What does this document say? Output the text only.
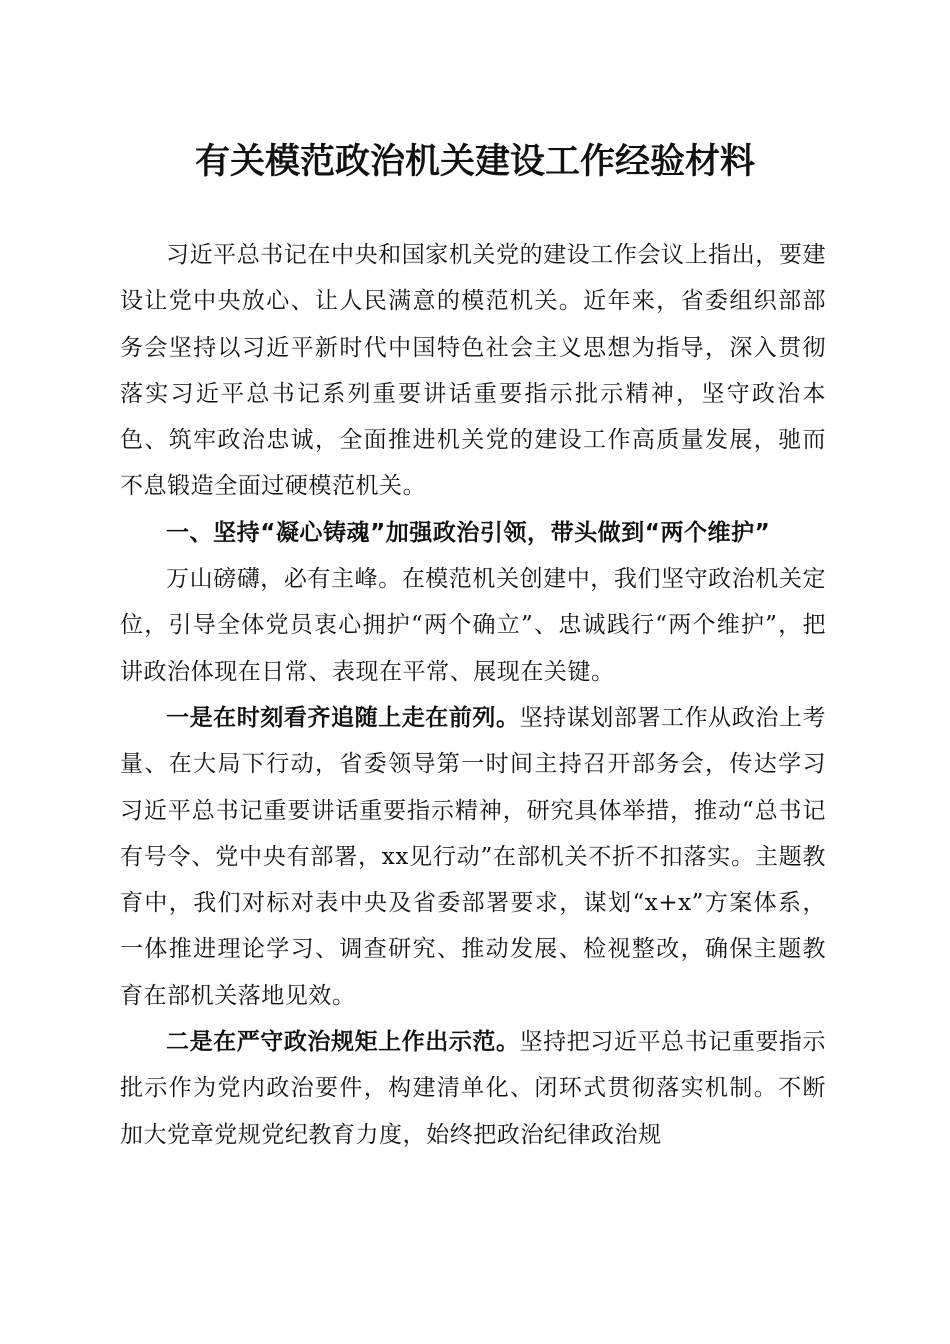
有关模范政治机关建设工作经验材料

习近平总书记在中央和国家机关党的建设工作会议上指出，要建设让党中央放心、让人民满意的模范机关。近年来，省委组织部部务会坚持以习近平新时代中国特色社会主义思想为指导，深入贯彻落实习近平总书记系列重要讲话重要指示批示精神，坚守政治本色、筑牢政治忠诚，全面推进机关党的建设工作高质量发展，驰而不息锻造全面过硬模范机关。

一、坚持“凝心铸魂”加强政治引领，带头做到“两个维护”

万山磅礴，必有主峰。在模范机关创建中，我们坚守政治机关定位，引导全体党员衷心拥护“两个确立”、忠诚践行“两个维护”，把讲政治体现在日常、表现在平常、展现在关键。

一是在时刻看齐追随上走在前列。坚持谋划部署工作从政治上考量、在大局下行动，省委领导第一时间主持召开部务会，传达学习习近平总书记重要讲话重要指示精神，研究具体举措，推动“总书记有号令、党中央有部署，xx见行动”在部机关不折不扣落实。主题教育中，我们对标对表中央及省委部署要求，谋划“x+x”方案体系，一体推进理论学习、调查研究、推动发展、检视整改，确保主题教育在部机关落地见效。

二是在严守政治规矩上作出示范。坚持把习近平总书记重要指示批示作为党内政治要件，构建清单化、闭环式贯彻落实机制。不断加大党章党规党纪教育力度，始终把政治纪律政治规
